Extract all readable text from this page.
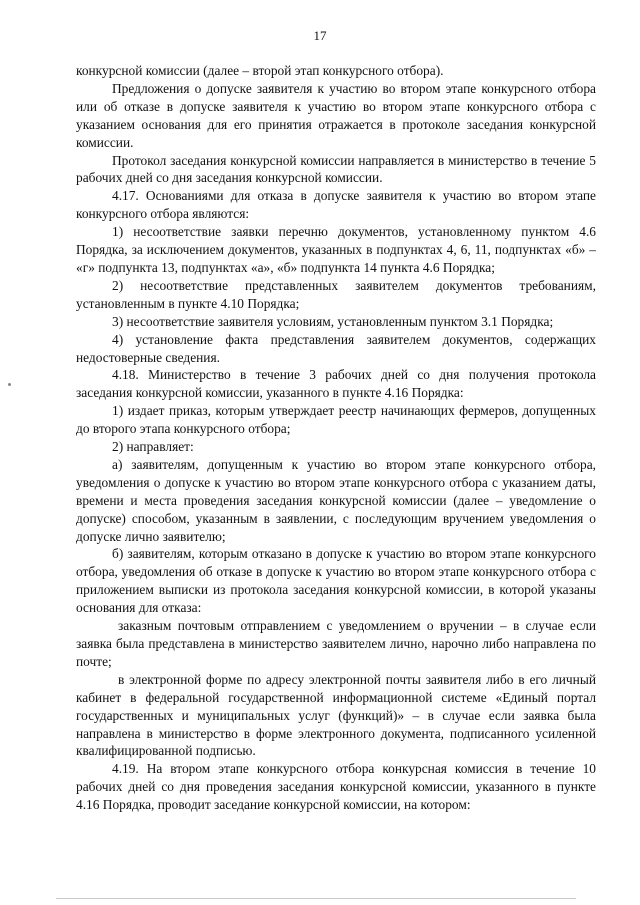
17

конкурсной комиссии (далее – второй этап конкурсного отбора).

Предложения о допуске заявителя к участию во втором этапе конкурсного отбора или об отказе в допуске заявителя к участию во втором этапе конкурсного отбора с указанием основания для его принятия отражается в протоколе заседания конкурсной комиссии.

Протокол заседания конкурсной комиссии направляется в министерство в течение 5 рабочих дней со дня заседания конкурсной комиссии.

4.17. Основаниями для отказа в допуске заявителя к участию во втором этапе конкурсного отбора являются:

1) несоответствие заявки перечню документов, установленному пунктом 4.6 Порядка, за исключением документов, указанных в подпунктах 4, 6, 11, подпунктах «б» – «г» подпункта 13, подпунктах «а», «б» подпункта 14 пункта 4.6 Порядка;

2) несоответствие представленных заявителем документов требованиям, установленным в пункте 4.10 Порядка;

3) несоответствие заявителя условиям, установленным пунктом 3.1 Порядка;

4) установление факта представления заявителем документов, содержащих недостоверные сведения.

4.18. Министерство в течение 3 рабочих дней со дня получения протокола заседания конкурсной комиссии, указанного в пункте 4.16 Порядка:

1) издает приказ, которым утверждает реестр начинающих фермеров, допущенных до второго этапа конкурсного отбора;

2) направляет:

а) заявителям, допущенным к участию во втором этапе конкурсного отбора, уведомления о допуске к участию во втором этапе конкурсного отбора с указанием даты, времени и места проведения заседания конкурсной комиссии (далее – уведомление о допуске) способом, указанным в заявлении, с последующим вручением уведомления о допуске лично заявителю;

б) заявителям, которым отказано в допуске к участию во втором этапе конкурсного отбора, уведомления об отказе в допуске к участию во втором этапе конкурсного отбора с приложением выписки из протокола заседания конкурсной комиссии, в которой указаны основания для отказа:

заказным почтовым отправлением с уведомлением о вручении – в случае если заявка была представлена в министерство заявителем лично, нарочно либо направлена по почте;

в электронной форме по адресу электронной почты заявителя либо в его личный кабинет в федеральной государственной информационной системе «Единый портал государственных и муниципальных услуг (функций)» – в случае если заявка была направлена в министерство в форме электронного документа, подписанного усиленной квалифицированной подписью.

4.19. На втором этапе конкурсного отбора конкурсная комиссия в течение 10 рабочих дней со дня проведения заседания конкурсной комиссии, указанного в пункте 4.16 Порядка, проводит заседание конкурсной комиссии, на котором:
